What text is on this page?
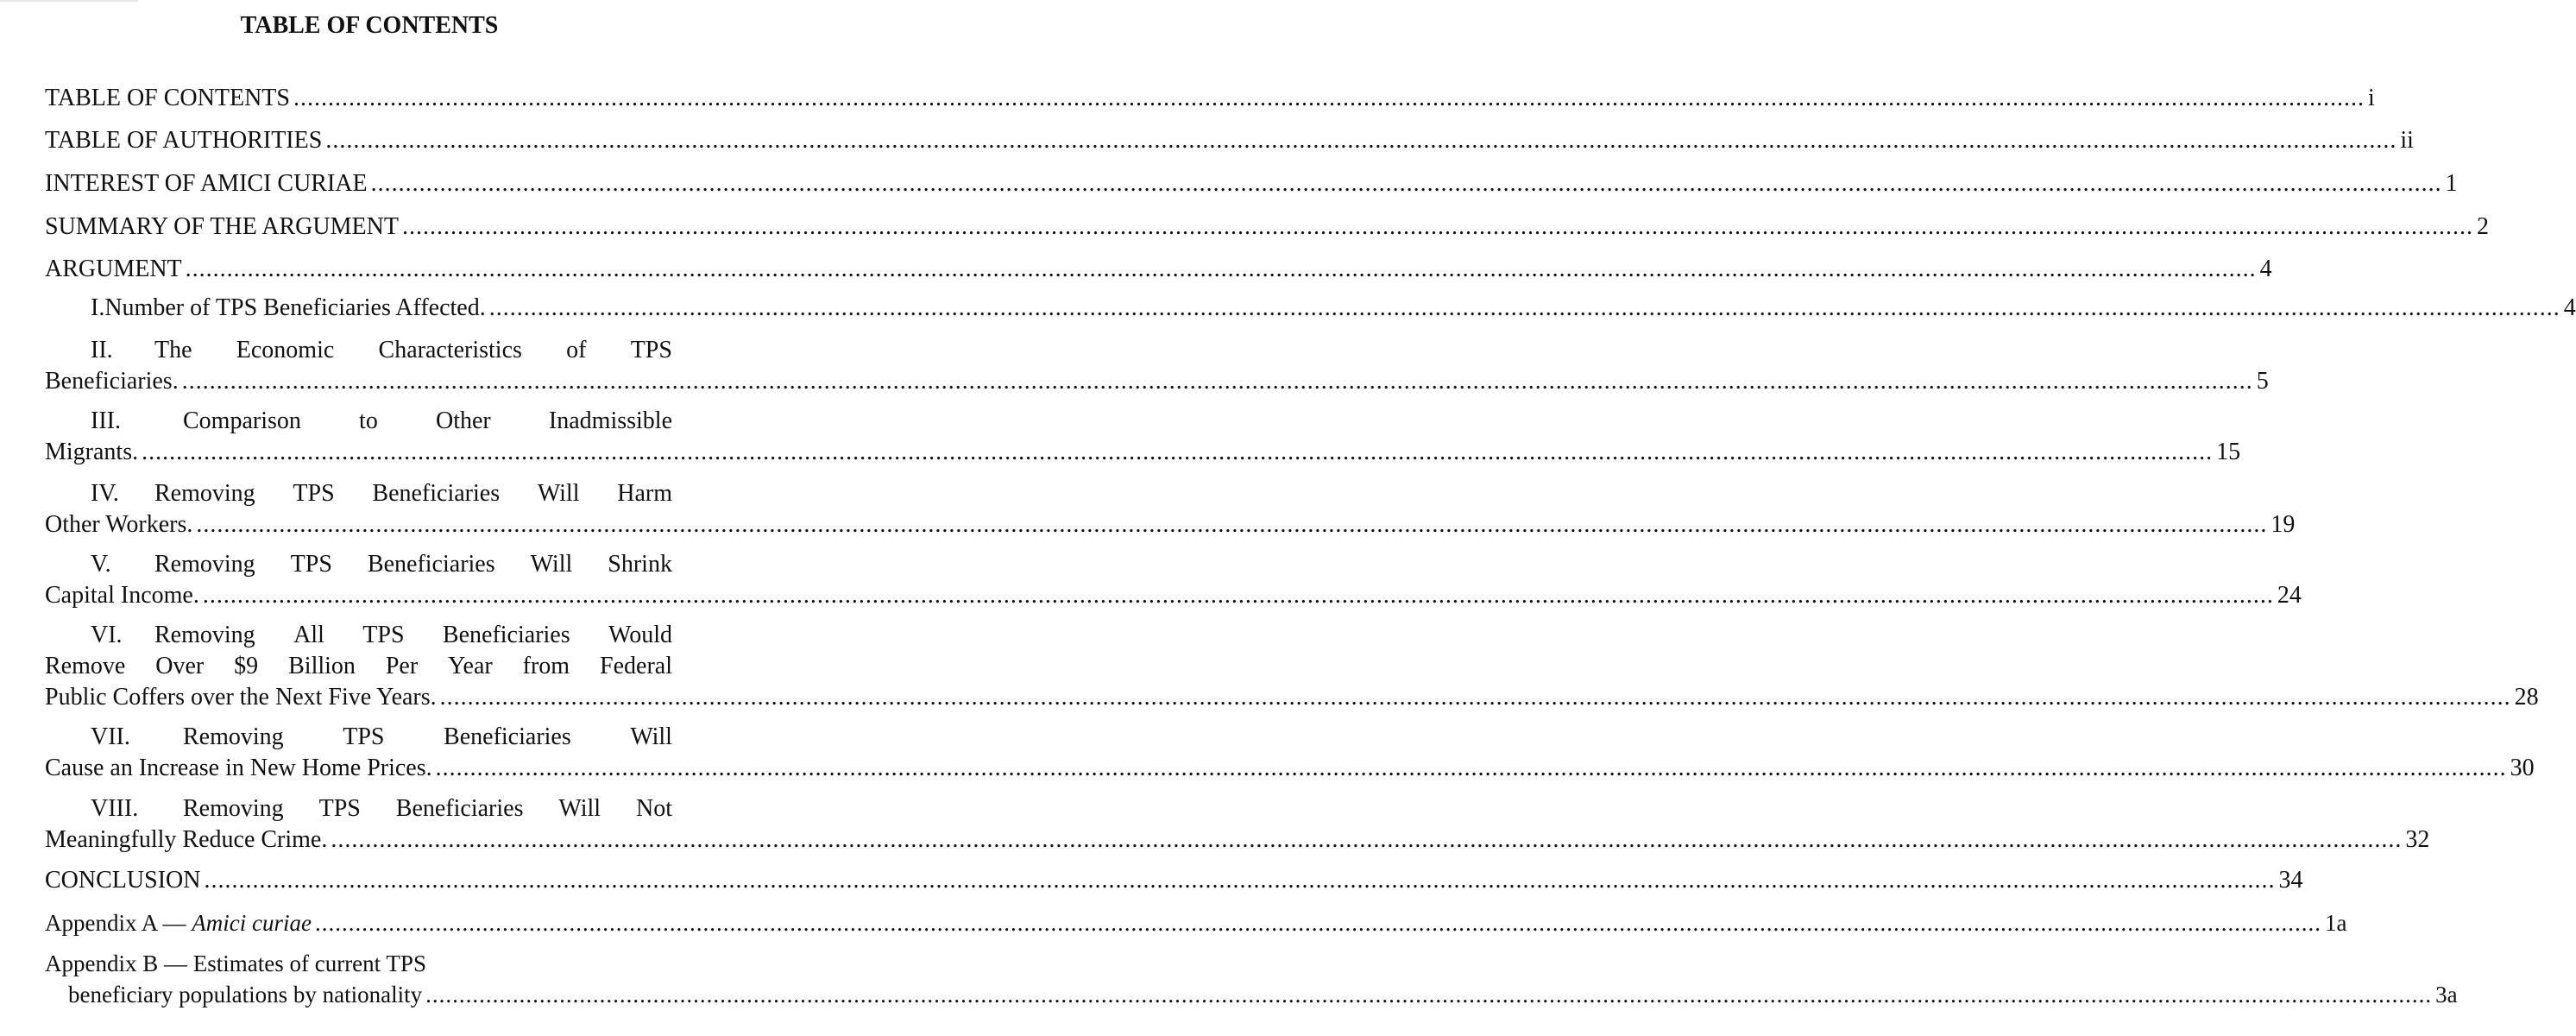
TABLE OF CONTENTS
TABLE OF CONTENTS ............................................................................................................................................................................................................................................................................................................ i
TABLE OF AUTHORITIES ............................................................................................................................................................................................................................................................................................................ ii
INTEREST OF AMICI CURIAE ............................................................................................................................................................................................................................................................................................................ 1
SUMMARY OF THE ARGUMENT ............................................................................................................................................................................................................................................................................................................ 2
ARGUMENT ............................................................................................................................................................................................................................................................................................................ 4
I. Number of TPS Beneficiaries Affected. ............................................................................................................................................................................................................................................................................................................ 4
II.	The Economic Characteristics of TPS
Beneficiaries. ............................................................................................................................................................................................................................................................................................................ 5
III.	Comparison to Other Inadmissible
Migrants. ............................................................................................................................................................................................................................................................................................................ 15
IV.	Removing TPS Beneficiaries Will Harm
Other Workers. ............................................................................................................................................................................................................................................................................................................ 19
V.	Removing TPS Beneficiaries Will Shrink
Capital Income. ............................................................................................................................................................................................................................................................................................................ 24
VI.	Removing All TPS Beneficiaries Would
Remove Over $9 Billion Per Year from Federal
Public Coffers over the Next Five Years. ............................................................................................................................................................................................................................................................................................................ 28
VII.	Removing TPS Beneficiaries Will
Cause an Increase in New Home Prices. ............................................................................................................................................................................................................................................................................................................ 30
VIII.	Removing TPS Beneficiaries Will Not
Meaningfully Reduce Crime. ............................................................................................................................................................................................................................................................................................................ 32
CONCLUSION ............................................................................................................................................................................................................................................................................................................ 34
Appendix A — Amici curiae ............................................................................................................................................................................................................................................................................................................ 1a
Appendix B — Estimates of current TPS
beneficiary populations by nationality ............................................................................................................................................................................................................................................................................................................ 3a
